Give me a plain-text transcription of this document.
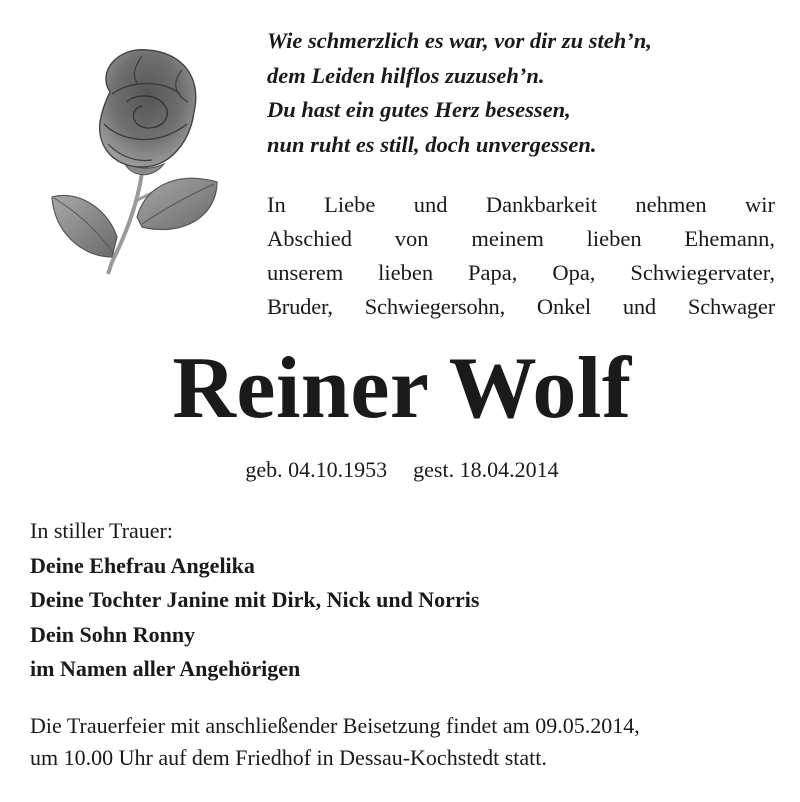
Wie schmerzlich es war, vor dir zu steh’n,
dem Leiden hilflos zuzuseh’n.
Du hast ein gutes Herz besessen,
nun ruht es still, doch unvergessen.
In Liebe und Dankbarkeit nehmen wir
Abschied von meinem lieben Ehemann,
unserem lieben Papa, Opa, Schwiegervater,
Bruder, Schwiegersohn, Onkel und Schwager
Reiner Wolf
geb. 04.10.1953 gest. 18.04.2014
In stiller Trauer:
Deine Ehefrau Angelika
Deine Tochter Janine mit Dirk, Nick und Norris
Dein Sohn Ronny
im Namen aller Angehörigen
Die Trauerfeier mit anschließender Beisetzung findet am 09.05.2014,
um 10.00 Uhr auf dem Friedhof in Dessau-Kochstedt statt.
